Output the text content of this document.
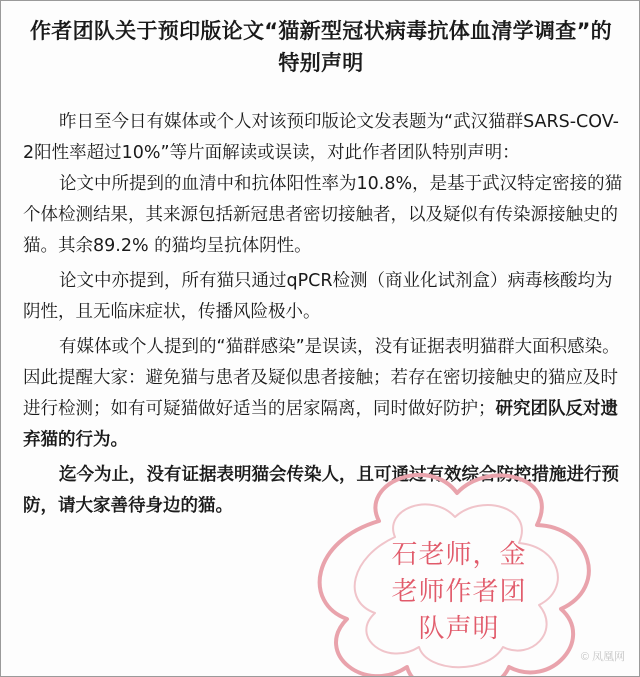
作者团队关于预印版论文“猫新型冠状病毒抗体血清学调查”的
特别声明

昨日至今日有媒体或个人对该预印版论文发表题为“武汉猫群SARS-COV-2阳性率超过10%”等片面解读或误读，对此作者团队特别声明：

论文中所提到的血清中和抗体阳性率为10.8%，是基于武汉特定密接的猫个体检测结果，其来源包括新冠患者密切接触者，以及疑似有传染源接触史的猫。其余89.2% 的猫均呈抗体阴性。

论文中亦提到，所有猫只通过qPCR检测（商业化试剂盒）病毒核酸均为阴性，且无临床症状，传播风险极小。

有媒体或个人提到的“猫群感染”是误读，没有证据表明猫群大面积感染。因此提醒大家：避免猫与患者及疑似患者接触；若存在密切接触史的猫应及时进行检测；如有可疑猫做好适当的居家隔离，同时做好防护；研究团队反对遗弃猫的行为。

迄今为止，没有证据表明猫会传染人，且可通过有效综合防控措施进行预防，请大家善待身边的猫。

石老师，金
老师作者团
队声明
© 凤凰网
